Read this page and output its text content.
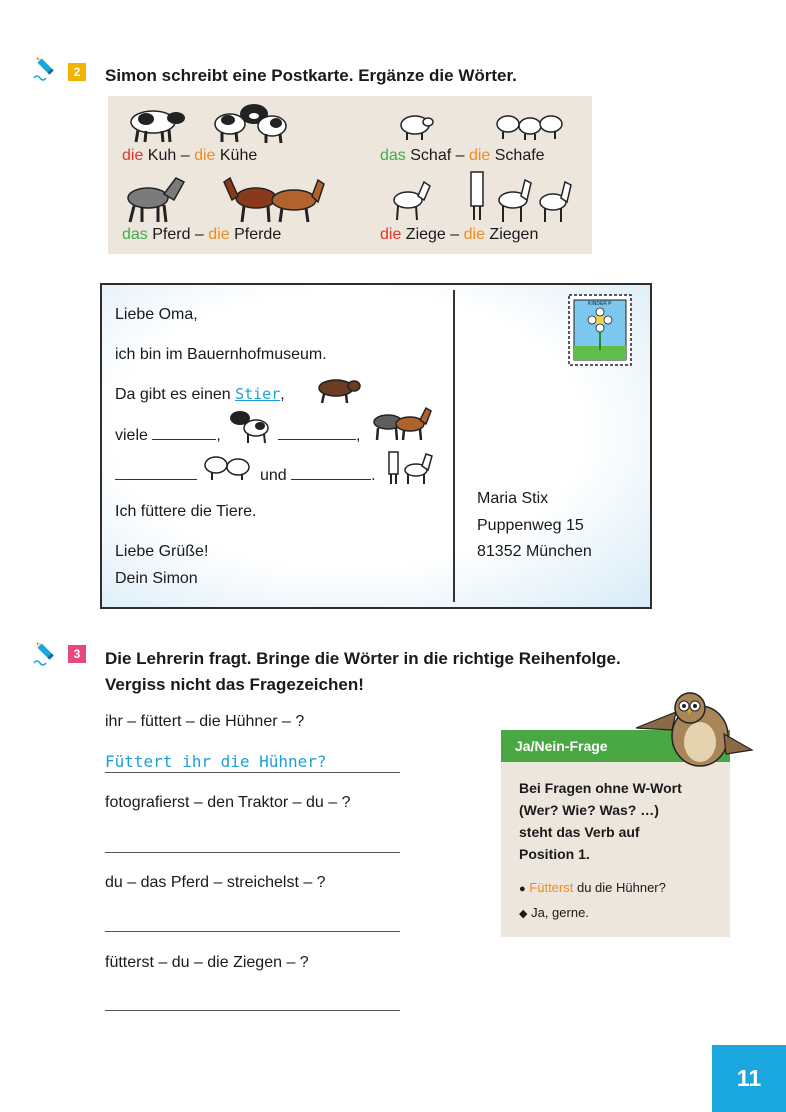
2	Simon schreibt eine Postkarte. Ergänze die Wörter.
die Kuh – die Kühe	das Schaf – die Schafe
das Pferd – die Pferde	die Ziege – die Ziegen
Liebe Oma,
ich bin im Bauernhofmuseum.
Da gibt es einen Stier,
viele	,	,
und	.
Ich füttere die Tiere.
Liebe Grüße!
Dein Simon
Maria Stix
Puppenweg 15
81352 München
KINDER P
3	Die Lehrerin fragt. Bringe die Wörter in die richtige Reihenfolge.
Vergiss nicht das Fragezeichen!
ihr – füttert – die Hühner – ?
Füttert ihr die Hühner?
fotografierst – den Traktor – du – ?
du – das Pferd – streichelst – ?
fütterst – du – die Ziegen – ?
Ja/Nein-Frage
Bei Fragen ohne W-Wort
(Wer? Wie? Was? …)
steht das Verb auf
Position 1.
● Fütterst du die Hühner?
◆ Ja, gerne.
11
